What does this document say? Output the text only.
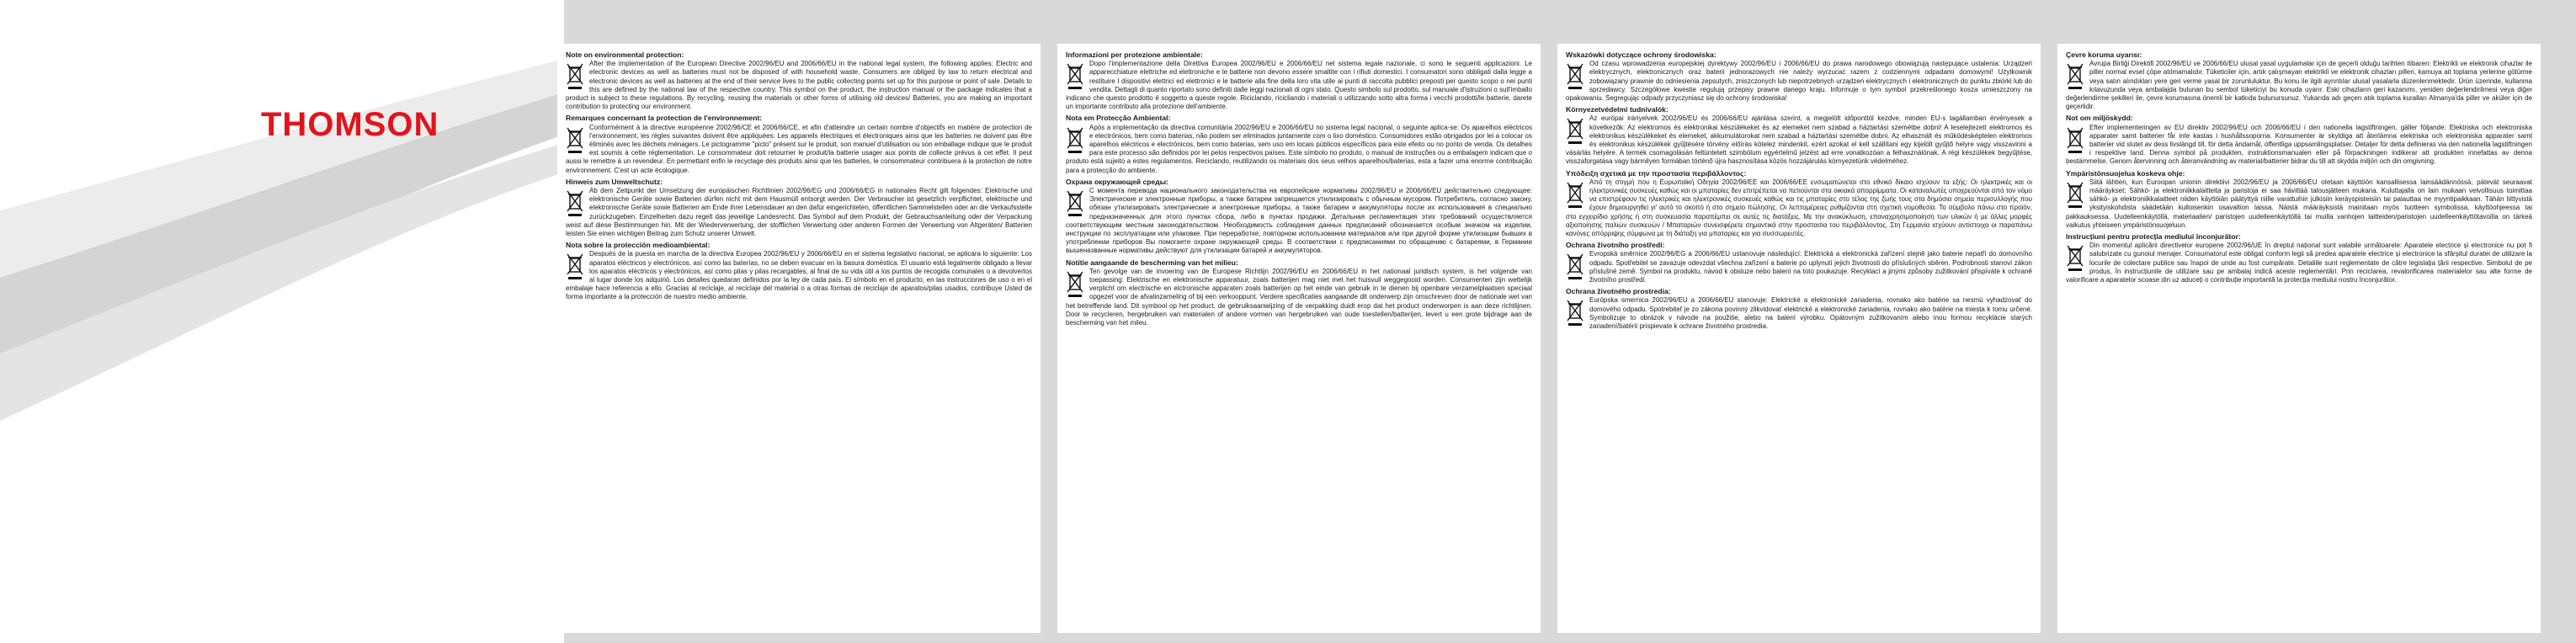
THOMSON
Note on environmental protection:
After the implementation of the European Directive 2002/96/EU and 2006/66/EU in the national legal system, the following applies: Electric and electronic devices as well as batteries must not be disposed of with household waste. Consumers are obliged by law to return electrical and electronic devices as well as batteries at the end of their service lives to the public collecting points set up for this purpose or point of sale. Details to this are defined by the national law of the respective country. This symbol on the product, the instruction manual or the package indicates that a product is subject to these regulations. By recycling, reusing the materials or other forms of utilising old devices/ Batteries, you are making an important contribution to protecting our environment.
Remarques concernant la protection de l'environnement:
Conformément à la directive européenne 2002/96/CE et 2006/66/CE, et afin d'atteindre un certain nombre d'objectifs en matière de protection de l'environnement, les règles suivantes doivent être appliquées: Les appareils électriques et électroniques ainsi que les batteries ne doivent pas être éliminés avec les déchets ménagers. Le pictogramme "picto" présent sur le produit, son manuel d'utilisation ou son emballage indique que le produit est soumis à cette réglementation. Le consommateur doit retourner le produit/la batterie usager aux points de collecte prévus à cet effet. Il peut aussi le remettre à un revendeur. En permettant enfin le recyclage des produits ainsi que les batteries, le consommateur contribuera à la protection de notre environnement. C'est un acte écologique.
Hinweis zum Umweltschutz:
Ab dem Zeitpunkt der Umsetzung der europäischen Richtlinien 2002/96/EG und 2006/66/EG in nationales Recht gilt folgendes: Elektrische und elektronische Geräte sowie Batterien dürfen nicht mit dem Hausmüll entsorgt werden. Der Verbraucher ist gesetzlich verpflichtet, elektrische und elektronische Geräte sowie Batterien am Ende ihrer Lebensdauer an den dafür eingerichteten, öffentlichen Sammelstellen oder an die Verkaufsstelle zurückzugeben. Einzelheiten dazu regelt das jeweilige Landesrecht. Das Symbol auf dem Produkt, der Gebrauchsanleitung oder der Verpackung weist auf diese Bestimmungen hin. Mit der Wiederverwertung, der stofflichen Verwertung oder anderen Formen der Verwertung von Altgeräten/ Batterien leisten Sie einen wichtigen Beitrag zum Schutz unserer Umwelt.
Nota sobre la protección medioambiental:
Después de la puesta en marcha de la directiva Europea 2002/96/EU y 2006/66/EU en el sistema legislativo nacional, se aplicara lo siguiente: Los aparatos eléctricos y electrónicos, así como las baterías, no se deben evacuar en la basura doméstica. El usuario está legalmente obligado a llevar los aparatos eléctricos y electrónicos, así como pilas y pilas recargables, al final de su vida útil a los puntos de recogida comunales o a devolverlos al lugar donde los adquirió. Los detalles quedaran definidos por la ley de cada país. El símbolo en el producto, en las instrucciones de uso o en el embalaje hace referencia a ello. Gracias al reciclaje, al reciclaje del material o a otras formas de reciclaje de aparatos/pilas usados, contribuye Usted de forma importante a la protección de nuestro medio ambiente.
Informazioni per protezione ambientale:
Dopo l'implementazione della Direttiva Europea 2002/96/EU e 2006/66/EU nel sistema legale nazionale, ci sono le seguenti applicazioni. Le apparecchiature elettriche ed elettroniche e le batterie non devono essere smaltite con i rifiuti domestici. I consumatori sono obbligati dalla legge a restituire I dispositivi elettrici ed elettronici e le batterie alla fine della loro vita utile ai punti di raccolta pubblici preposti per questo scopo o nei punti vendita. Dettagli di quanto riportato sono definiti dalle leggi nazionali di ogni stato. Questo simbolo sul prodotto, sul manuale d'istruzioni o sull'imballo indicano che questo prodotto è soggetto a queste regole. Riciclando, ricicliando i materiali o utilizzando sotto altra forma i vecchi prodotti/le batterie, darete un importante contributo alla protezione dell'ambiente.
Nota em Protecção Ambiental:
Após a implementação da directiva comunitária 2002/96/EU e 2006/66/EU no sistema legal nacional, o seguinte aplica-se: Os aparelhos eléctricos e electrónicos, bem como baterias, não podem ser eliminados juntamente com o lixo doméstico. Consumidores estão obrigados por lei a colocar os aparelhos eléctricos e electrónicos, bem como baterias, sem uso em locais públicos específicos para este efeito ou no ponto de venda. Os detalhes para este processo são definidos por lei pelos respectivos países. Este símbolo no produto, o manual de instruções ou a embalagem indicam que o produto está sujeito a estes regulamentos. Reciclando, reutilizando os materiais dos seus velhos aparelhos/baterias, esta a fazer uma enorme contribuição para a protecção do ambiente.
Охрана окружающей среды:
С момента перевода национального законодательства на европейские нормативы 2002/96/EU и 2006/66/EU действительно следующее: Электрические и электронные приборы, а также батареи запрещается утилизировать с обычным мусором. Потребитель, согласно закону, обязан утилизировать электрические и электронные приборы, а также батареи и аккумуляторы после их использования в специально предназначенных для этого пунктах сбора, либо в пунктах продажи. Детальная регламентация этих требований осуществляется соответствующим местным законодательством. Необходимость соблюдения данных предписаний обозначается особым значком на изделии, инструкции по эксплуатации или упаковке. При переработке, повторном использовании материалов или при другой форме утилизации бывших в употреблении приборов Вы помогаете охране окружающей среды. В соответствии с предписаниями по обращению с батареями, в Германии вышеназванные нормативы действуют для утилизации батарей и аккумуляторов.
Notitie aangaande de bescherming van het milieu:
Ten gevolge van de invoering van de Europese Richtlijn 2002/96/EU en 2006/66/EU in het nationaal juridisch system, is het volgende van toepassing: Elektrische en elektronische apparatuur, zoals batterijen mag niet met het huisvuil weggegooid worden. Consumenten zijn wettelijk verplicht om electrische en elctronische apparaten zoals batterijen op het einde van gebruik in te dienen bij openbare verzamelplaatsen speciaal opgezet voor de afvalinzameling of bij een verkooppunt. Verdere specificaties aangaande dit onderwerp zijn omschreven door de nationale wet van het betreffende land. Dit symbool op het product, de gebruiksaanwijzing of de verpakking duidt erop dat het product onderworpen is aan deze richtlijnen. Door te recycleren, hergebruiken van materialen of andere vormen van hergebruiken van oude toestellen/batterijen, levert u een grote bijdrage aan de bescherming van het mileu.
Wskazówki dotyczące ochrony środowiska:
Od czasu wprowadzenia europejskiej dyrektywy 2002/96/EU i 2006/66/EU do prawa narodowego obowiązują następujące ustalenia: Urządzeń elektrycznych, elektronicznych oraz baterii jednorazowych nie należy wyrzucać razem z codziennymi odpadami domowymi! Użytkownik zobowiązany prawnie do odniesienia zepsutych, zniszczonych lub niepotrzebnych urządzeń elektrycznych i elektronicznych do punktu zbiórki lub do sprzedawcy. Szczegółowe kwestie regulują przepisy prawne danego kraju. Informuje o tym symbol przekreślonego kosza umieszczony na opakowaniu. Segregując odpady przyczyniasz się do ochrony środowiska!
Környezetvédelmi tudnivalók:
Az európai irányelvek 2002/96/EU és 2006/66/EU ajánlása szerint, a megjelölt időponttól kezdve, minden EU-s tagállamban érvényesek a következők: Az elektromos és elektronikai készülékeket és az elemeket nem szabad a háztartási szemétbe dobni! A leselejtezett elektromos és elektronikus készülékeket és elemeket, akkumulátorokat nem szabad a háztartási szemétbe dobni. Az elhasznált és működésképtelen elektromos és elektronikus készülékek gyűjtésére törvény előírás kötelez mindenkit, ezért azokat el kell szállítani egy kijelölt gyűjtő helyre vagy visszavinni a vásárlás helyére. A termék csomagolásán feltüntetett szimbólum egyértelmű jelzést ad erre vonatkozóan a felhasználónak. A régi készülékek begyűjtése, visszaforgatása vagy bármilyen formában történő újra hasznosítása közös hozzájárulás környezetünk védelméhez.
Υπόδειξη σχετικά με την προστασία περιβάλλοντος:
Από τη στιγμή που η Ευρωπαϊκή Οδηγία 2002/96/ΕΕ και 2006/66/ΕΕ ενσωματώνεται στο εθνικό δίκαιο ισχύουν τα εξής: Οι ηλεκτρικές και οι ηλεκτρονικές συσκευές καθώς και οι μπαταρίες δεν επιτρέπεται να πετιούνται στα οικιακά απορρίμματα. Οι καταναλωτές υποχρεούνται από τον νόμο να επιστρέφουν τις ηλεκτρικές και ηλεκτρονικές συσκευές καθώς και τις μπαταρίες στο τέλος της ζωής τους στα δημόσια σημεία περισυλλογής που έχουν δημιουργηθεί γι' αυτό το σκοπό ή στο σημείο πώλησης. Οι λεπτομέρειες ρυθμίζονται στη σχετική νομοθεσία. Το σύμβολο πάνω στο προϊόν, στο εγχειρίδιο χρήσης ή στη συσκευασία παραπέμπει σε αυτές τις διατάξεις. Με την ανακύκλωση, επαναχρησιμοποίηση των υλικών ή με άλλες μορφές αξιοποίησης παλιών συσκευών / Μπαταριών συνεισφέρετε σημαντικά στην προστασία του περιβάλλοντος. Στη Γερμανία ισχύουν αντίστοιχα οι παραπάνω κανόνες απόρριψης σύμφωνα με τη διάταξη για μπαταρίες και για συσσωρευτές.
Ochrana životního prostředí:
Evropská směrnice 2002/96/EG a 2006/66/EU ustanovuje následující: Elektrická a elektronická zařízení stejně jako baterie nepatří do domovního odpadu. Spotřebitel se zavazuje odevzdat všechna zařízení a baterie po uplynutí jejich životnosti do příslušných sběren. Podrobnosti stanoví zákon příslušné země. Symbol na produktu, návod k obsluze nebo balení na toto poukazuje. Recyklací a jinými způsoby zužitkování přispíváte k ochraně životního prostředí.
Ochrana životného prostredia:
Európska smernica 2002/96/EU a 2006/66/EU stanovuje: Elektrické a elektronické zariadenia, rovnako ako batérie sa nesmú vyhadzovať do domového odpadu. Spotrebiteľ je zo zákona povinný zlikvidovať elektrické a elektronické zariadenia, rovnako ako batérie na miesta k tomu určené. Symbolizuje to obrázok v návode na použitie, alebo na balení výrobku. Opätovným zužitkovaním alebo inou formou recyklácie starých zariadení/batérií prispievate k ochrane životného prostredia.
Çevre koruma uyarısı:
Avrupa Birliği Direktifi 2002/96/EU ve 2006/66/EU ulusal yasal uygulamalar için de geçerli olduğu tarihten itibaren: Elektrikli ve elektronik cihazlar ile piller normal evsel çöpe atılmamalıdır. Tüketiciler için, artık çalışmayan elektrikli ve elektronik cihazları pilleri, kamuya ait toplama yerlerine götürme veya satın alındıkları yere geri verme yasal bir zorunluluktur. Bu konu ile ilgili ayrıntılar ulusal yasalarla düzenlenmektedir. Ürün üzerinde, kullanma kılavuzunda veya ambalajda bulunan bu sembol tüketiciyi bu konuda uyarır. Eski cihazların geri kazanımı, yeniden değerlendirilmesi veya diğer değerlendirme şekilleri ile, çevre korumasına önemli bir katkıda bulunursunuz. Yukarıda adı geçen atık toplama kuralları Almanya'da piller ve aküler için de geçerlidir.
Not om miljöskydd:
Efter implementeringen av EU direktiv 2002/96/EU och 2006/66/EU i den nationella lagstiftningen, gäller följande: Elektriska och elektroniska apparater samt batterier får inte kastas i hushållssoporna. Konsumenter är skyldiga att återlämna elektriska och elektroniska apparater samt batterier vid slutet av dess livslängd till, för detta ändamål, offentliga uppsamlingsplatser. Detaljer för detta definieras via den nationella lagstiftningen i respektive land. Denna symbol på produkten, instruktionsmanualen eller på förpackningen indikerar att produkten innefattas av denna bestämmelse. Genom återvinning och återanvändning av material/batterier bidrar du till att skydda miljön och din omgivning.
Ympäristönsuojelua koskeva ohje:
Siitä lähtien, kun Euroopan unionin direktiivi 2002/96/EU ja 2006/66/EU otetaan käyttöön kansallisessa lainsäädännössä, pätevät seuraavat määräykset: Sähkö- ja elektroniikkalaitteita ja paristoja ei saa hävittää talousjätteen mukana. Kuluttajalla on lain mukaan velvollisuus toimittaa sähkö- ja elektroniikkalaitteet niiden käyttöiän päätyttyä niille varattuihin julkisiin keräyspisteisiin tai palauttaa ne myyntipaikkaan. Tähän liittyvistä yksityiskohdista säädetään kulloisenkin osavaltion laissa. Näistä määräyksistä mainitaan myös tuotteen symbolissa, käyttöohjeessa tai pakkauksessa. Uudelleenkäytöllä, materiaalien/ paristojen uudelleenkäytöllä tai muilla vanhojen laitteiden/paristojen uudelleenkäyttötavoilla on tärkeä vaikutus yhteiseen ympäristönsuojeluun.
Instrucțiuni pentru protecția mediului înconjurător:
Din momentul aplicării directivelor europene 2002/96/UE în dreptul național sunt valabile următoarele: Aparatele electrice și electronice nu pot fi salubrizate cu gunoiul menajer. Consumatorul este obligat conform legii să predea aparatele electrice și electronice la sfârșitul duratei de utilizare la locurile de colectare publice sau înapoi de unde au fost cumpărate. Detaliile sunt reglementate de către legislația țării respective. Simbolul de pe produs, în instrucțiunile de utilizare sau pe ambalaj indică aceste reglementări. Prin reciclarea, revalorificarea materialelor sau alte forme de valorificare a aparatelor scoase din uz aduceți o contribuție importantă la protecția mediului nostru înconjurător.
